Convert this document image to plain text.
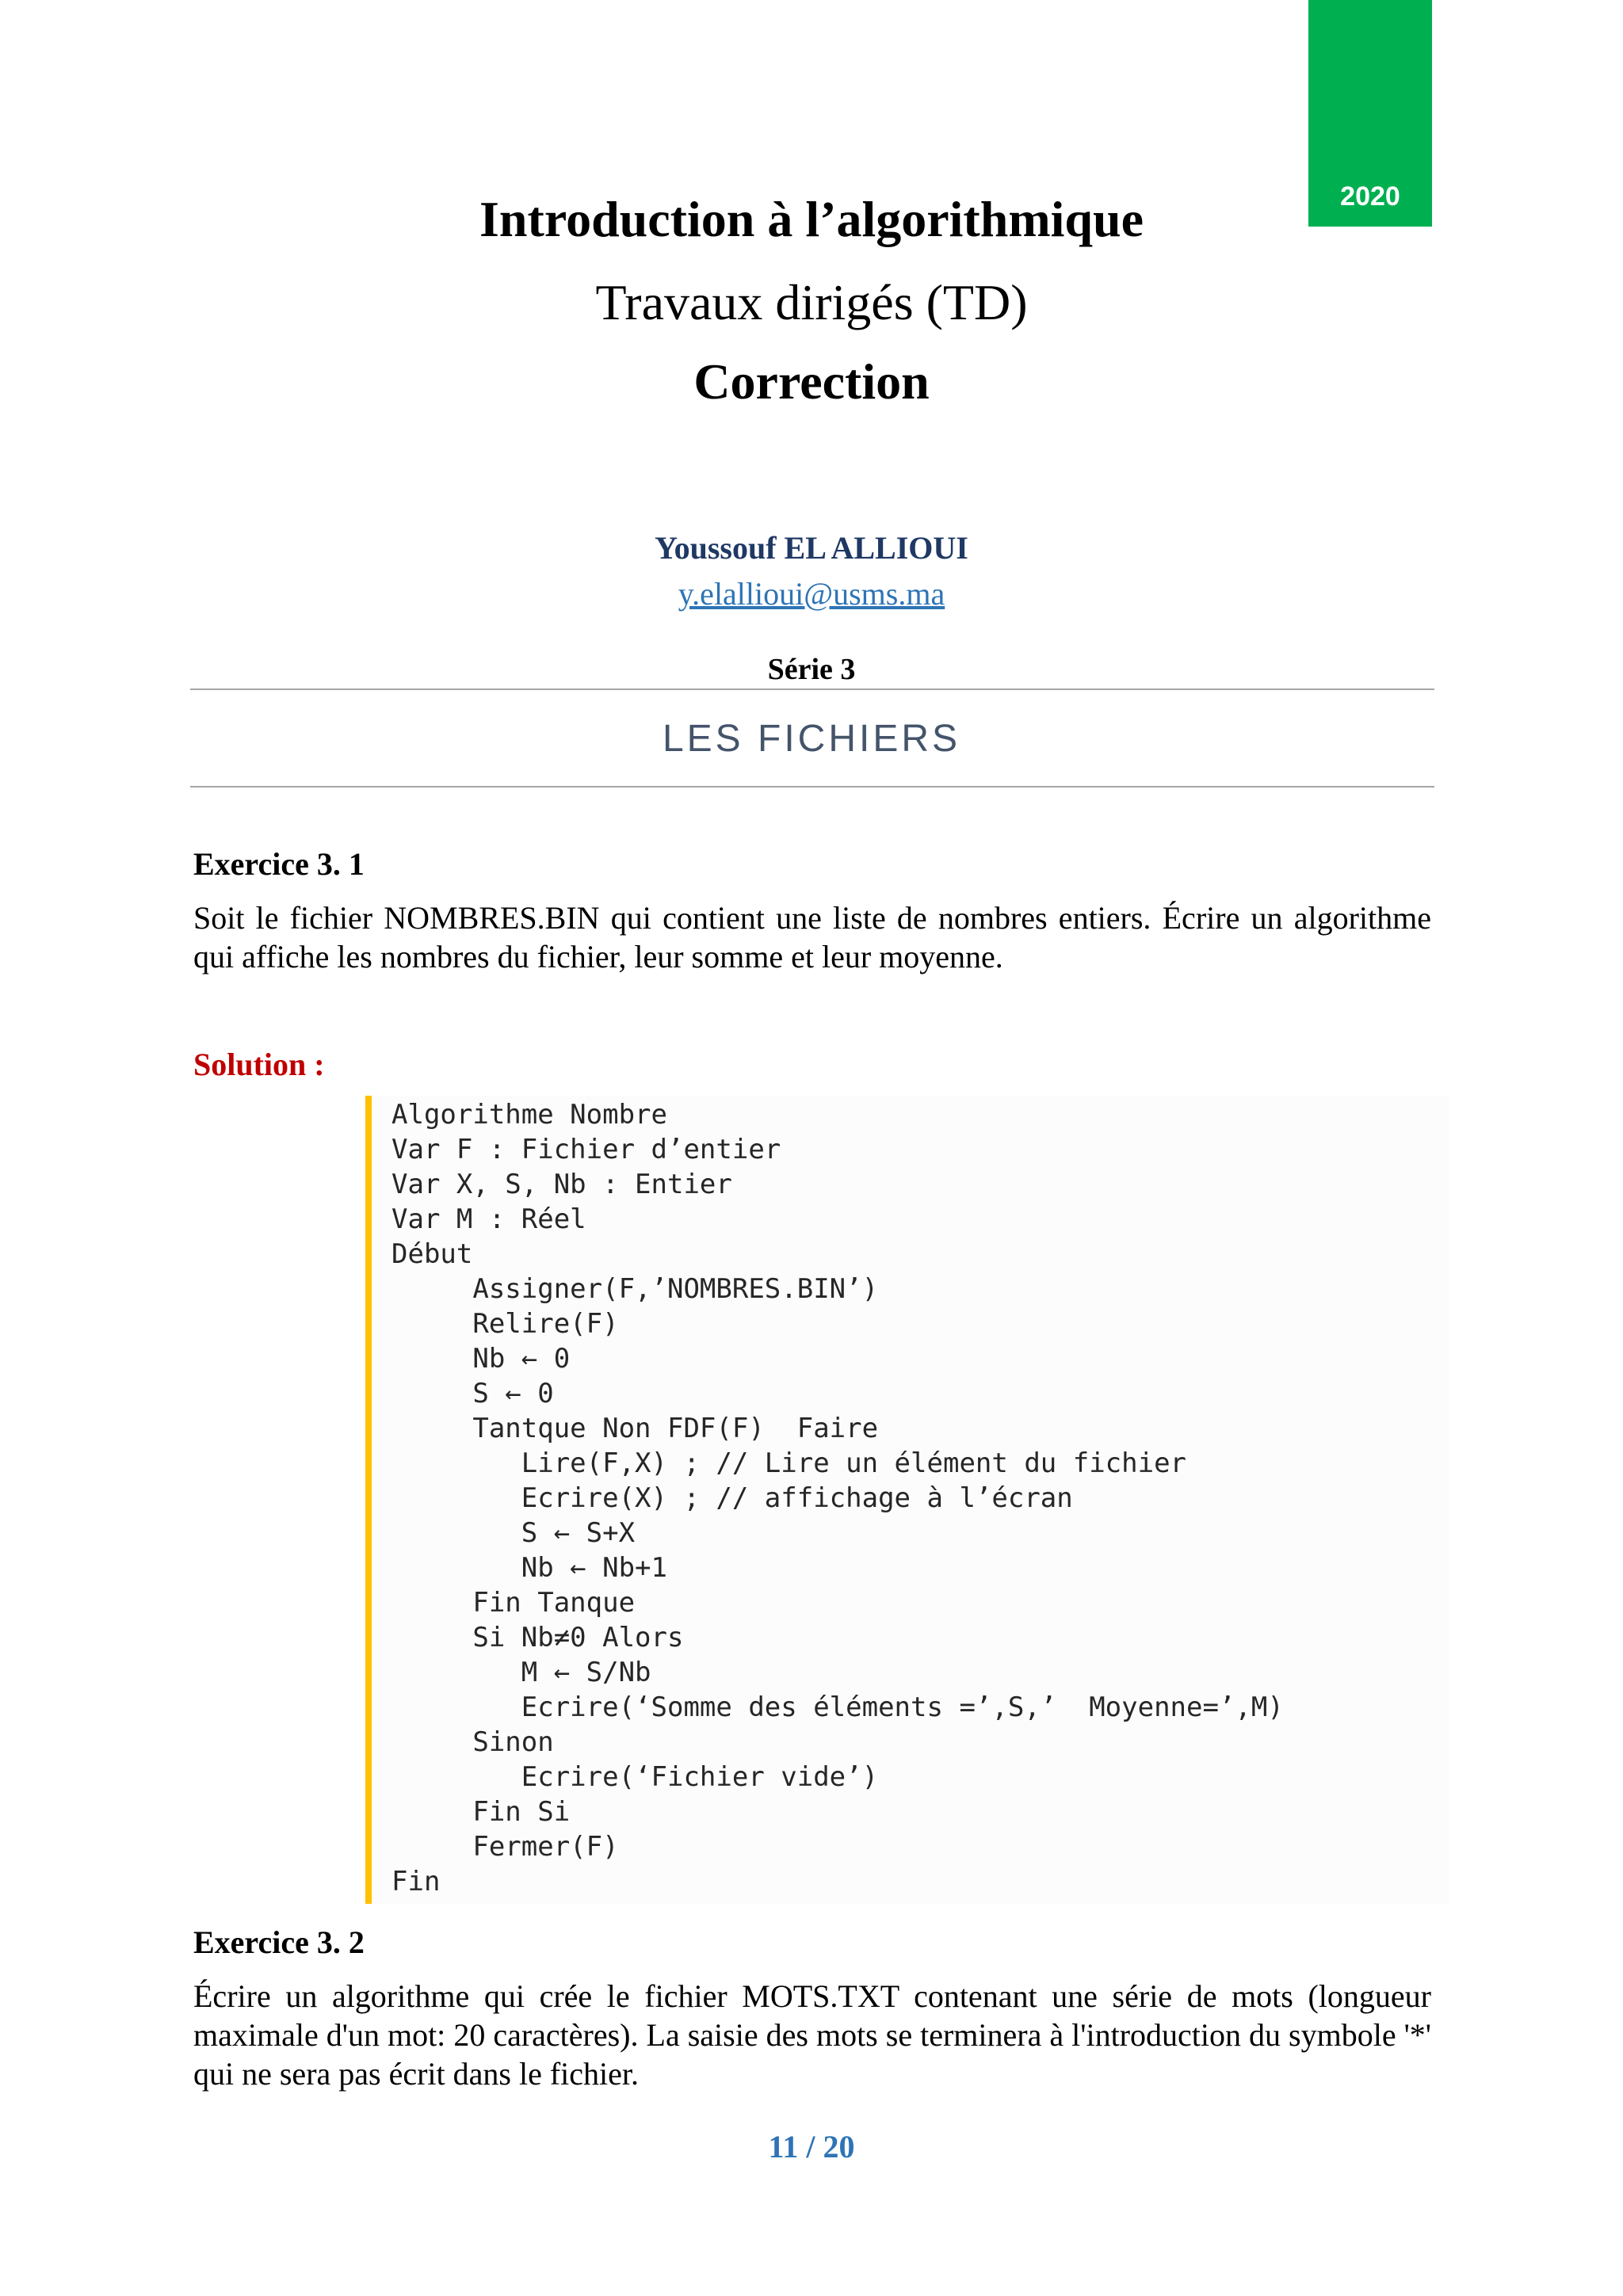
2020
Introduction à l’algorithmique
Travaux dirigés (TD)
Correction
Youssouf EL ALLIOUI
y.elallioui@usms.ma
Série 3
LES FICHIERS
Exercice 3. 1
Soit le fichier NOMBRES.BIN qui contient une liste de nombres entiers. Écrire un algorithme qui affiche les nombres du fichier, leur somme et leur moyenne.
Solution :
Algorithme Nombre
Var F : Fichier d’entier
Var X, S, Nb : Entier
Var M : Réel
Début
Assigner(F,’NOMBRES.BIN’)
Relire(F)
Nb ← 0
S ← 0
Tantque Non FDF(F)  Faire
Lire(F,X) ; // Lire un élément du fichier
Ecrire(X) ; // affichage à l’écran
S ← S+X
Nb ← Nb+1
Fin Tanque
Si Nb≠0 Alors
M ← S/Nb
Ecrire(‘Somme des éléments =’,S,’  Moyenne=’,M)
Sinon
Ecrire(‘Fichier vide’)
Fin Si
Fermer(F)
Fin
Exercice 3. 2
Écrire un algorithme qui crée le fichier MOTS.TXT contenant une série de mots (longueur maximale d'un mot: 20 caractères). La saisie des mots se terminera à l'introduction du symbole '*' qui ne sera pas écrit dans le fichier.
11 / 20
